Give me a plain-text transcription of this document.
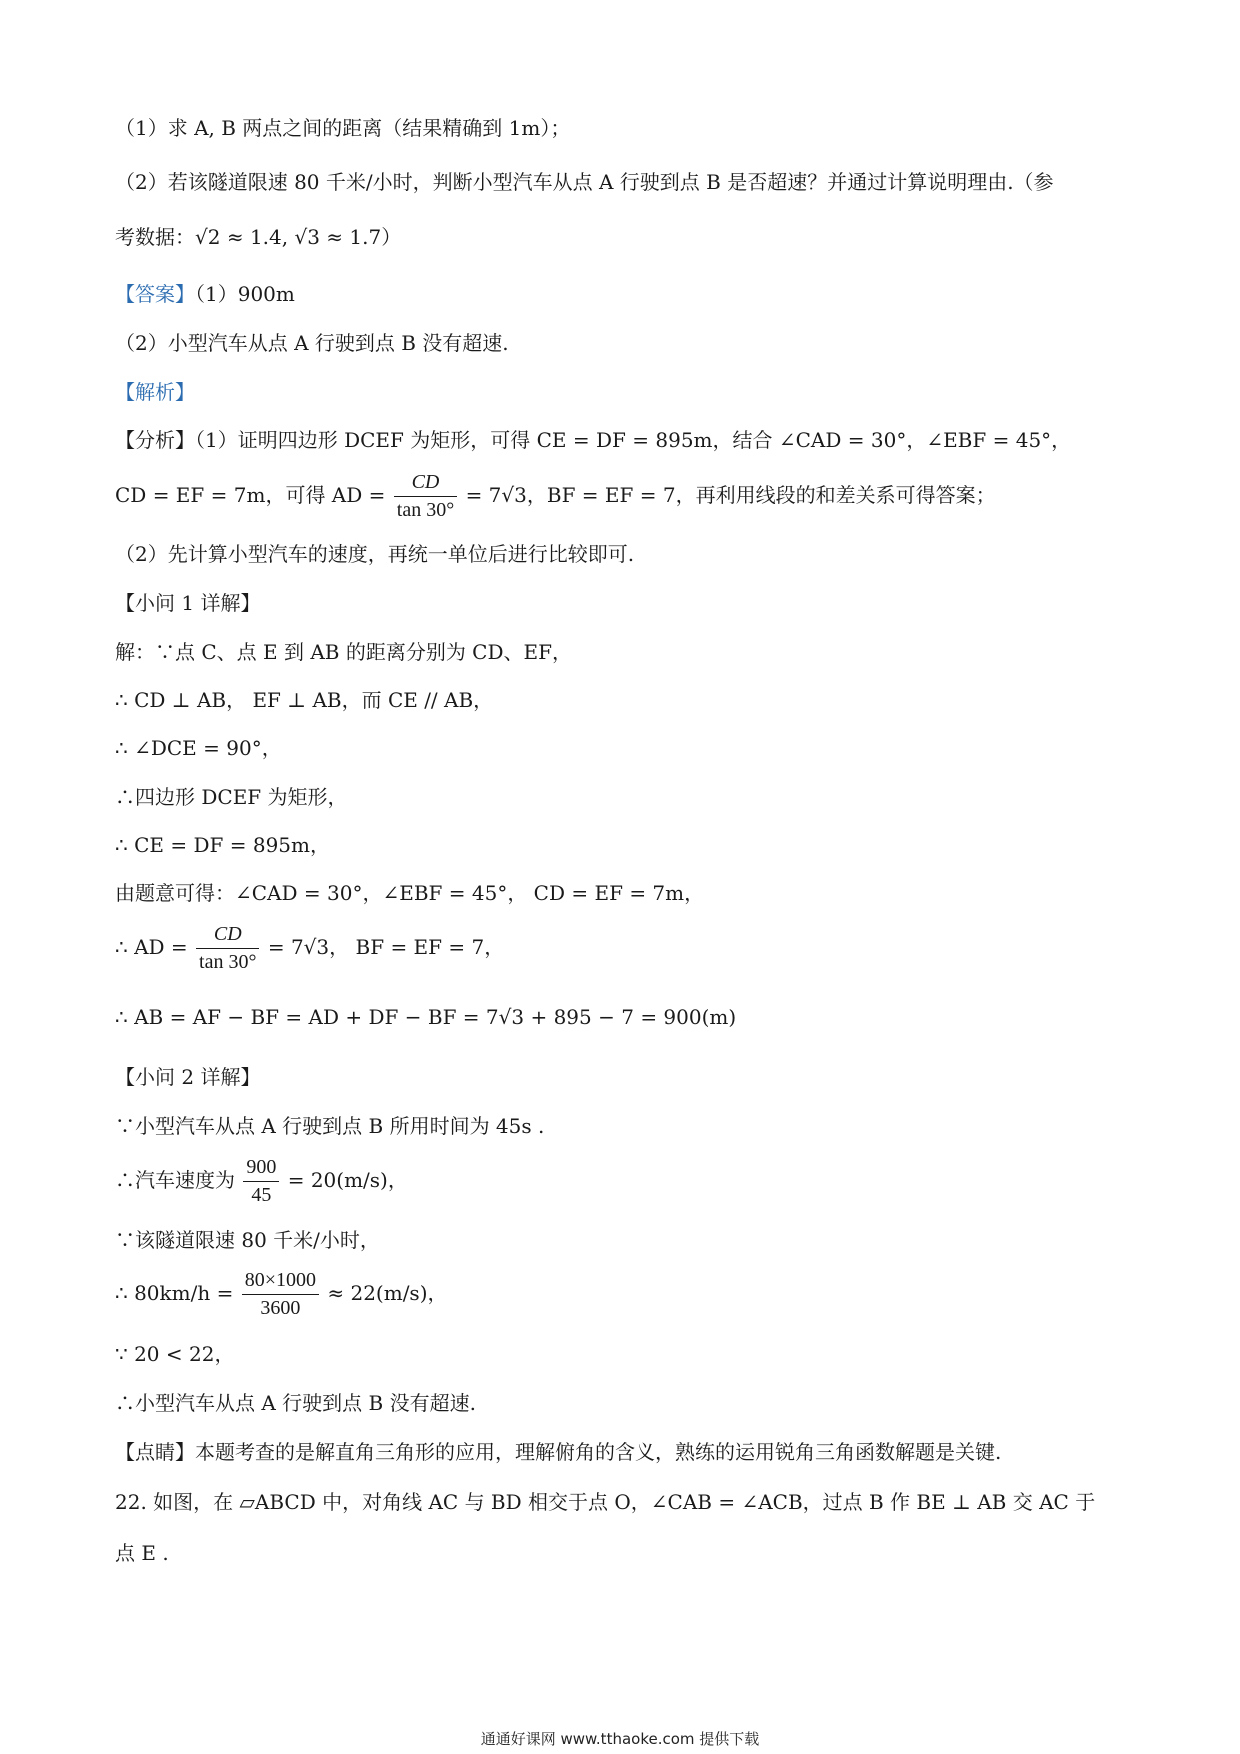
（1）求 A, B 两点之间的距离（结果精确到 1m）；
（2）若该隧道限速 80 千米/小时，判断小型汽车从点 A 行驶到点 B 是否超速？并通过计算说明理由.（参
考数据：√2 ≈ 1.4, √3 ≈ 1.7）
【答案】（1）900m
（2）小型汽车从点 A 行驶到点 B 没有超速.
【解析】
【分析】（1）证明四边形 DCEF 为矩形，可得 CE = DF = 895m，结合 ∠CAD = 30°，∠EBF = 45°，
CD = EF = 7m，可得 AD = $\frac{CD}{\tan 30^\circ} = 7√3$，BF = EF = 7，再利用线段的和差关系可得答案；
（2）先计算小型汽车的速度，再统一单位后进行比较即可.
【小问 1 详解】
解：∵点 C、点 E 到 AB 的距离分别为 CD、EF，
∴ CD ⊥ AB， EF ⊥ AB，而 CE // AB，
∴ ∠DCE = 90°，
∴四边形 DCEF 为矩形，
∴ CE = DF = 895m，
由题意可得：∠CAD = 30°，∠EBF = 45°， CD = EF = 7m，
∴ AD = $\frac{CD}{\tan 30^\circ} = 7√3$， BF = EF = 7，
∴ AB = AF − BF = AD + DF − BF = 7√3 + 895 − 7 = 900(m)
【小问 2 详解】
∵小型汽车从点 A 行驶到点 B 所用时间为 45s .
∴汽车速度为 $\frac{900}{45} = 20(m/s)$，
∵该隧道限速 80 千米/小时，
∴ $80km/h = \frac{80\times 1000}{3600} \approx 22(m/s)$，
∵ 20 < 22，
∴小型汽车从点 A 行驶到点 B 没有超速.
【点睛】本题考查的是解直角三角形的应用，理解俯角的含义，熟练的运用锐角三角函数解题是关键.
22. 如图，在 ▱ABCD 中，对角线 AC 与 BD 相交于点 O，∠CAB = ∠ACB，过点 B 作 BE ⊥ AB 交 AC 于
点 E .
通通好课网 www.tthaoke.com 提供下载
